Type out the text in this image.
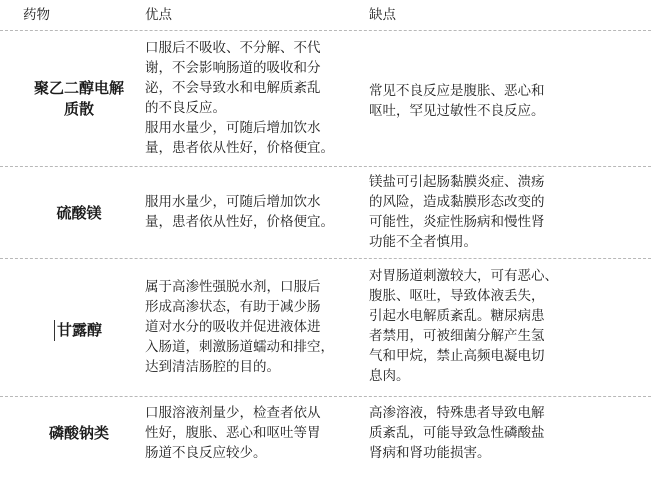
药物	优点	缺点
聚乙二醇电解
质散
口服后不吸收、不分解、不代
谢，不会影响肠道的吸收和分
泌，不会导致水和电解质紊乱
的不良反应。
服用水量少，可随后增加饮水
量，患者依从性好，价格便宜。
常见不良反应是腹胀、恶心和
呕吐，罕见过敏性不良反应。
硫酸镁
服用水量少，可随后增加饮水
量，患者依从性好，价格便宜。
镁盐可引起肠黏膜炎症、溃疡
的风险，造成黏膜形态改变的
可能性，炎症性肠病和慢性肾
功能不全者慎用。
甘露醇
属于高渗性强脱水剂，口服后
形成高渗状态，有助于减少肠
道对水分的吸收并促进液体进
入肠道，刺激肠道蠕动和排空，
达到清洁肠腔的目的。
对胃肠道刺激较大，可有恶心、
腹胀、呕吐，导致体液丢失，
引起水电解质紊乱。糖尿病患
者禁用，可被细菌分解产生氢
气和甲烷，禁止高频电凝电切
息肉。
磷酸钠类
口服溶液剂量少，检查者依从
性好，腹胀、恶心和呕吐等胃
肠道不良反应较少。
高渗溶液，特殊患者导致电解
质紊乱，可能导致急性磷酸盐
肾病和肾功能损害。
